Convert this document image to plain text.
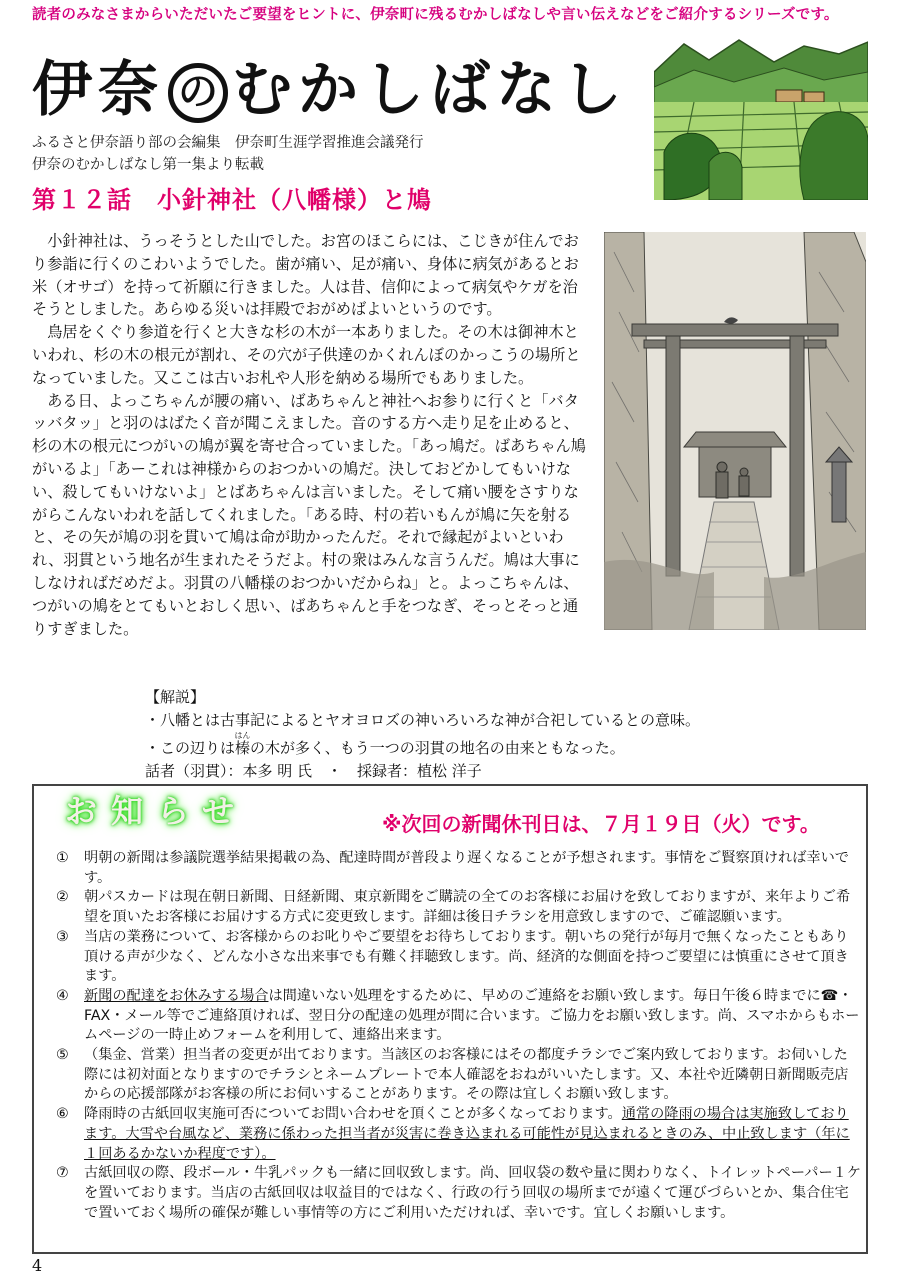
読者のみなさまからいただいたご要望をヒントに、伊奈町に残るむかしばなしや言い伝えなどをご紹介するシリーズです。
伊奈 の むかしばなし
ふるさと伊奈語り部の会編集　伊奈町生涯学習推進会議発行
伊奈のむかしばなし第一集より転載
第１２話　小針神社（八幡様）と鳩

小針神社は、うっそうとした山でした。お宮のほこらには、こじきが住んでおり参詣に行くのこわいようでした。歯が痛い、足が痛い、身体に病気があるとお米（オサゴ）を持って祈願に行きました。人は昔、信仰によって病気やケガを治そうとしました。あらゆる災いは拝殿でおがめばよいというのです。

鳥居をくぐり参道を行くと大きな杉の木が一本ありました。その木は御神木といわれ、杉の木の根元が割れ、その穴が子供達のかくれんぼのかっこうの場所となっていました。又ここは古いお札や人形を納める場所でもありました。

ある日、よっこちゃんが腰の痛い、ばあちゃんと神社へお参りに行くと「バタッバタッ」と羽のはばたく音が聞こえました。音のする方へ走り足を止めると、杉の木の根元につがいの鳩が翼を寄せ合っていました。「あっ鳩だ。ばあちゃん鳩がいるよ」「あーこれは神様からのおつかいの鳩だ。決しておどかしてもいけない、殺してもいけないよ」とばあちゃんは言いました。そして痛い腰をさすりながらこんないわれを話してくれました。「ある時、村の若いもんが鳩に矢を射ると、その矢が鳩の羽を貫いて鳩は命が助かったんだ。それで縁起がよいといわれ、羽貫という地名が生まれたそうだよ。村の衆はみんな言うんだ。鳩は大事にしなければだめだよ。羽貫の八幡様のおつかいだからね」と。よっこちゃんは、つがいの鳩をとてもいとおしく思い、ばあちゃんと手をつなぎ、そっとそっと通りすぎました。

【解説】
・八幡とは古事記によるとヤオヨロズの神いろいろな神が合祀しているとの意味。
・この辺りは榛はんの木が多く、もう一つの羽貫の地名の由来ともなった。
話者（羽貫）：本多 明 氏　・　採録者：植松 洋子
お知らせ	※次回の新聞休刊日は、７月１９日（火）です。
①	明朝の新聞は参議院選挙結果掲載の為、配達時間が普段より遅くなることが予想されます。事情をご賢察頂ければ幸いです。
②	朝パスカードは現在朝日新聞、日経新聞、東京新聞をご購読の全てのお客様にお届けを致しておりますが、来年よりご希望を頂いたお客様にお届けする方式に変更致します。詳細は後日チラシを用意致しますので、ご確認願います。
③	当店の業務について、お客様からのお叱りやご要望をお待ちしております。朝いちの発行が毎月で無くなったこともあり頂ける声が少なく、どんな小さな出来事でも有難く拝聴致します。尚、経済的な側面を持つご要望には慎重にさせて頂きます。
④	新聞の配達をお休みする場合は間違いない処理をするために、早めのご連絡をお願い致します。毎日午後６時までに☎・FAX・メール等でご連絡頂ければ、翌日分の配達の処理が間に合います。ご協力をお願い致します。尚、スマホからもホームページの一時止めフォームを利用して、連絡出来ます。
⑤	（集金、営業）担当者の変更が出ております。当該区のお客様にはその都度チラシでご案内致しております。お伺いした際には初対面となりますのでチラシとネームプレートで本人確認をおねがいいたします。又、本社や近隣朝日新聞販売店からの応援部隊がお客様の所にお伺いすることがあります。その際は宜しくお願い致します。
⑥	降雨時の古紙回収実施可否についてお問い合わせを頂くことが多くなっております。通常の降雨の場合は実施致しております。大雪や台風など、業務に係わった担当者が災害に巻き込まれる可能性が見込まれるときのみ、中止致します（年に１回あるかないか程度です）。
⑦	古紙回収の際、段ボール・牛乳パックも一緒に回収致します。尚、回収袋の数や量に関わりなく、トイレットペーパー１ケを置いております。当店の古紙回収は収益目的ではなく、行政の行う回収の場所までが遠くて運びづらいとか、集合住宅で置いておく場所の確保が難しい事情等の方にご利用いただければ、幸いです。宜しくお願いします。
4
